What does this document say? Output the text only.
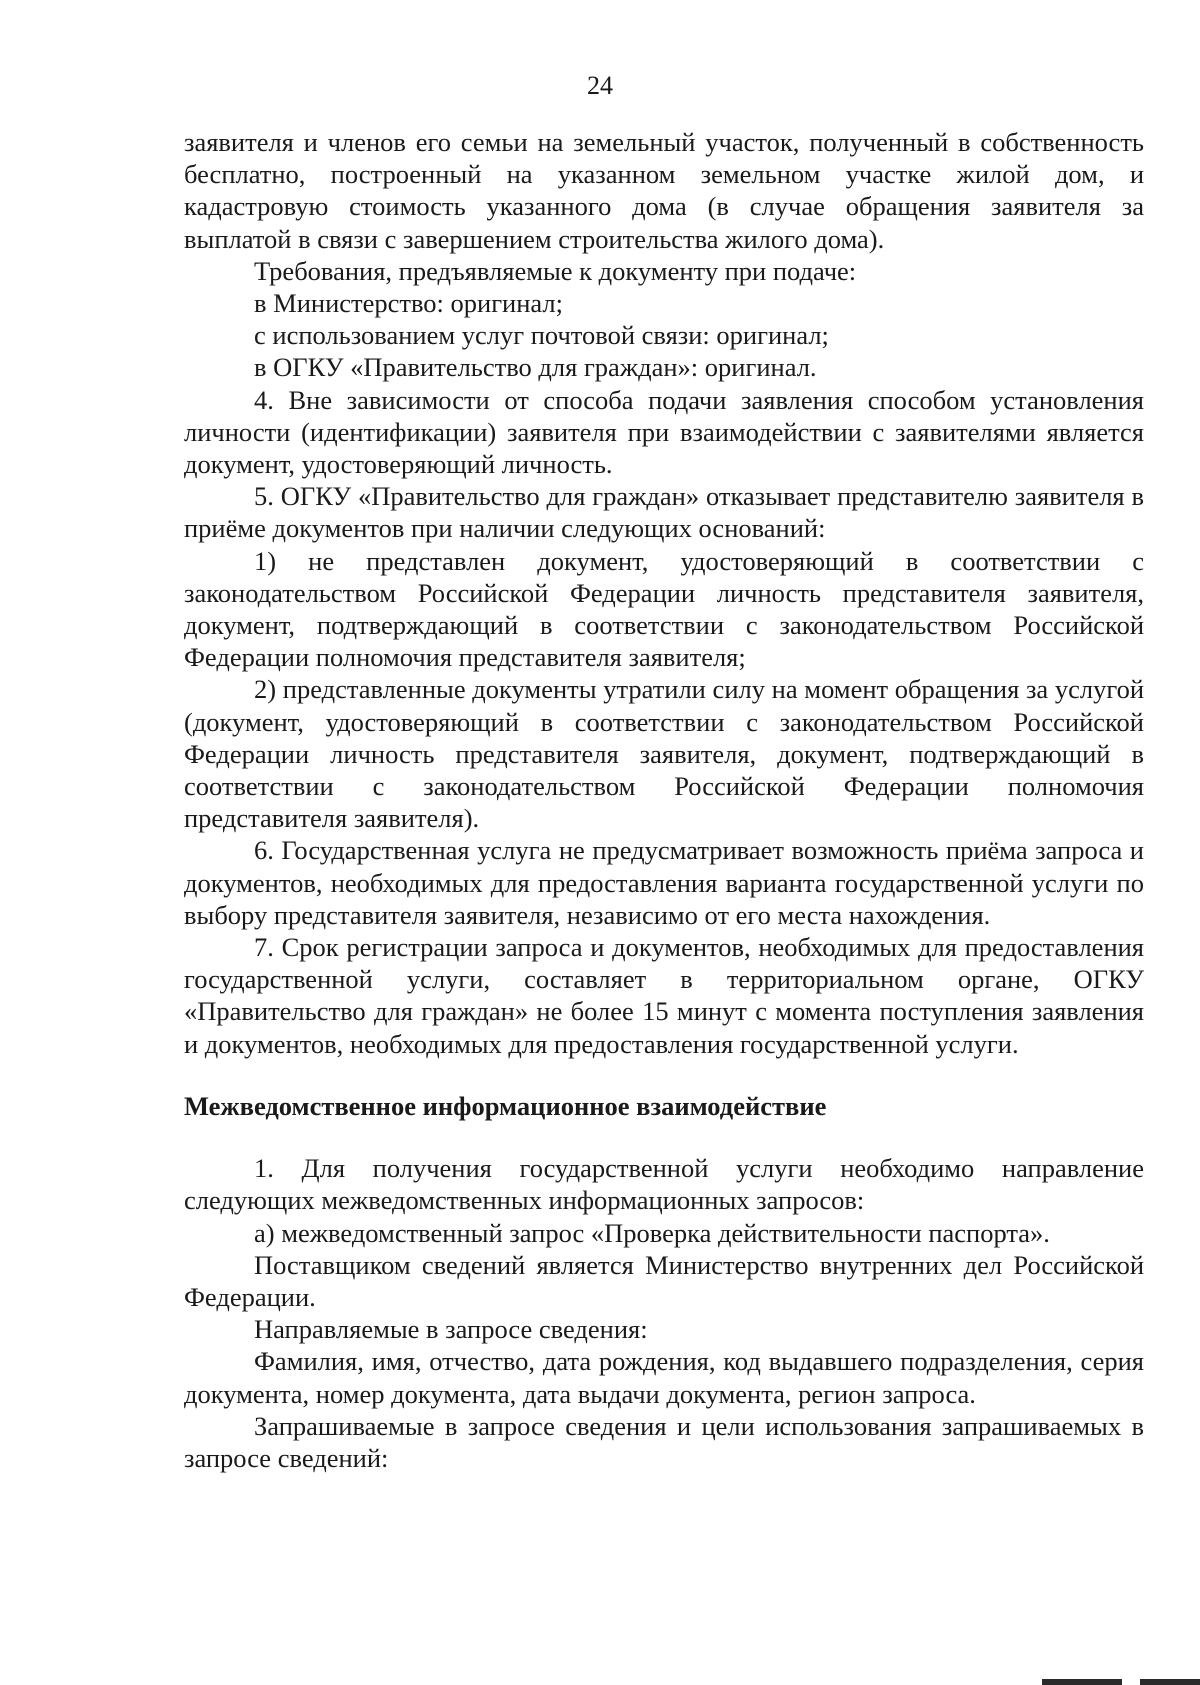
24

заявителя и членов его семьи на земельный участок, полученный в собственность бесплатно, построенный на указанном земельном участке жилой дом, и кадастровую стоимость указанного дома (в случае обращения заявителя за выплатой в связи с завершением строительства жилого дома).

Требования, предъявляемые к документу при подаче:

в Министерство: оригинал;

с использованием услуг почтовой связи: оригинал;

в ОГКУ «Правительство для граждан»: оригинал.

4. Вне зависимости от способа подачи заявления способом установления личности (идентификации) заявителя при взаимодействии с заявителями является документ, удостоверяющий личность.

5. ОГКУ «Правительство для граждан» отказывает представителю заявителя в приёме документов при наличии следующих оснований:

1) не представлен документ, удостоверяющий в соответствии с законодательством Российской Федерации личность представителя заявителя, документ, подтверждающий в соответствии с законодательством Российской Федерации полномочия представителя заявителя;

2) представленные документы утратили силу на момент обращения за услугой (документ, удостоверяющий в соответствии с законодательством Российской Федерации личность представителя заявителя, документ, подтверждающий в соответствии с законодательством Российской Федерации полномочия представителя заявителя).

6. Государственная услуга не предусматривает возможность приёма запроса и документов, необходимых для предоставления варианта государственной услуги по выбору представителя заявителя, независимо от его места нахождения.

7. Срок регистрации запроса и документов, необходимых для предоставления государственной услуги, составляет в территориальном органе, ОГКУ «Правительство для граждан» не более 15 минут с момента поступления заявления и документов, необходимых для предоставления государственной услуги.

Межведомственное информационное взаимодействие

1. Для получения государственной услуги необходимо направление следующих межведомственных информационных запросов:

а) межведомственный запрос «Проверка действительности паспорта».

Поставщиком сведений является Министерство внутренних дел Российской Федерации.

Направляемые в запросе сведения:

Фамилия, имя, отчество, дата рождения, код выдавшего подразделения, серия документа, номер документа, дата выдачи документа, регион запроса.

Запрашиваемые в запросе сведения и цели использования запрашиваемых в запросе сведений:
